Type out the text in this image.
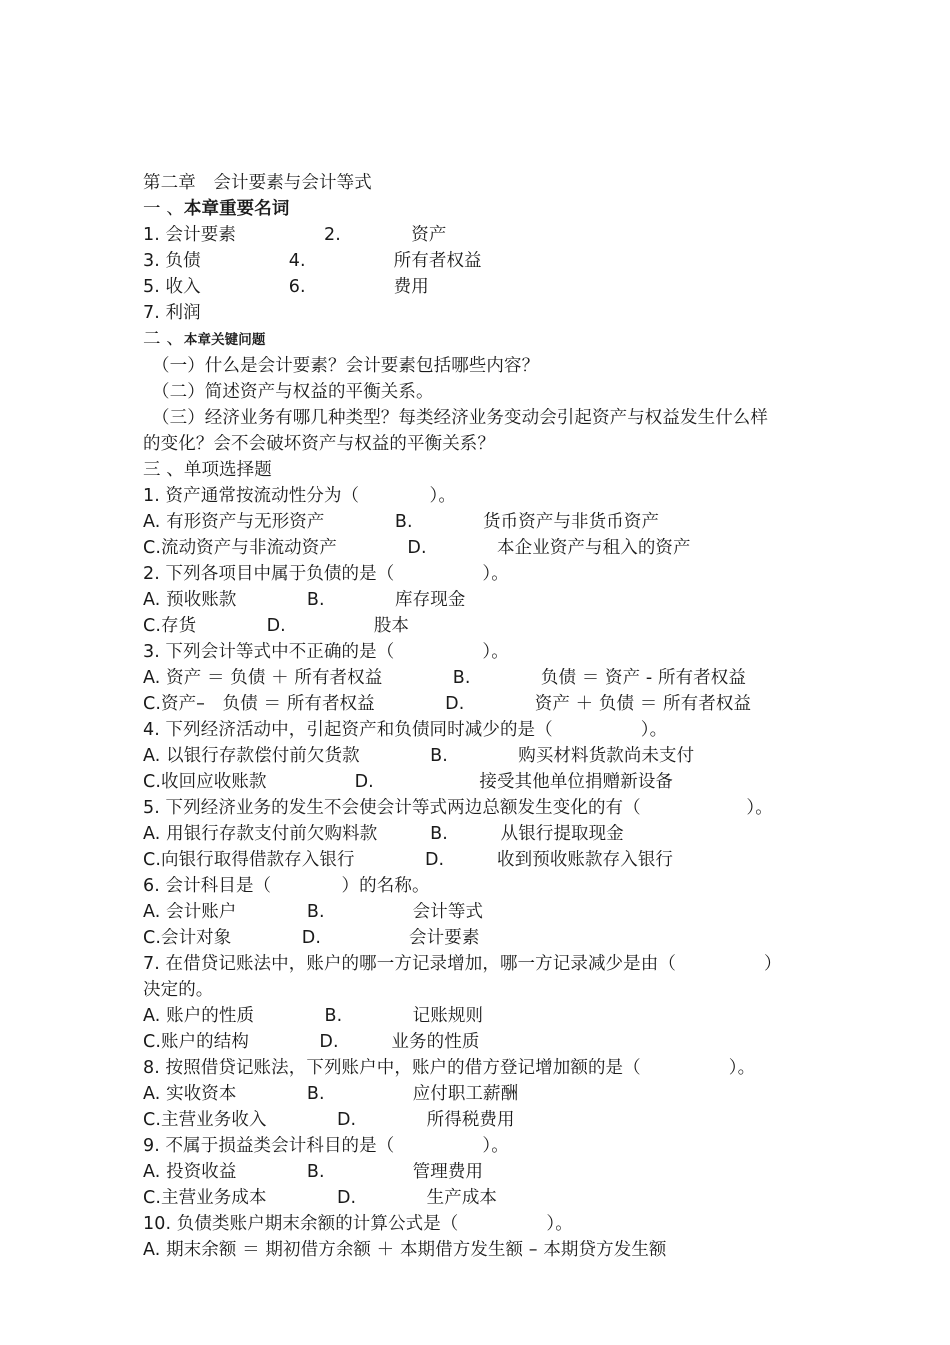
第二章　会计要素与会计等式
一 、本章重要名词
1. 会计要素　　　　　2.　　　　资产
3. 负债　　　　　4.　　　　　所有者权益
5. 收入　　　　　6.　　　　　费用
7. 利润
二 、本章关键问题
（一）什么是会计要素？会计要素包括哪些内容？
（二）简述资产与权益的平衡关系。
（三）经济业务有哪几种类型？每类经济业务变动会引起资产与权益发生什么样
的变化？会不会破坏资产与权益的平衡关系？
三 、单项选择题
1. 资产通常按流动性分为（　　　　）。
A. 有形资产与无形资产　　　　B.　　　　货币资产与非货币资产
C.流动资产与非流动资产　　　　D.　　　　本企业资产与租入的资产
2. 下列各项目中属于负债的是（　　　　　）。
A. 预收账款　　　　B.　　　　库存现金
C.存货　　　　D.　　　　　股本
3. 下列会计等式中不正确的是（　　　　　）。
A. 资产 ＝ 负债 ＋ 所有者权益　　　　B.　　　　负债 ＝ 资产 - 所有者权益
C.资产–　负债 ＝ 所有者权益　　　　D.　　　　资产 ＋ 负债 ＝ 所有者权益
4. 下列经济活动中，引起资产和负债同时减少的是（　　　　　）。
A. 以银行存款偿付前欠货款　　　　B.　　　　购买材料货款尚未支付
C.收回应收账款　　　　　D.　　　　　　接受其他单位捐赠新设备
5. 下列经济业务的发生不会使会计等式两边总额发生变化的有（　　　　　　）。
A. 用银行存款支付前欠购料款　　　B.　　　从银行提取现金
C.向银行取得借款存入银行　　　　D.　　　收到预收账款存入银行
6. 会计科目是（　　　　）的名称。
A. 会计账户　　　　B.　　　　　会计等式
C.会计对象　　　　D.　　　　　会计要素
7. 在借贷记账法中，账户的哪一方记录增加，哪一方记录减少是由（　　　　　）
决定的。
A. 账户的性质　　　　B.　　　　记账规则
C.账户的结构　　　　D.　　　业务的性质
8. 按照借贷记账法，下列账户中，账户的借方登记增加额的是（　　　　　）。
A. 实收资本　　　　B.　　　　　应付职工薪酬
C.主营业务收入　　　　D.　　　　所得税费用
9. 不属于损益类会计科目的是（　　　　　）。
A. 投资收益　　　　B.　　　　　管理费用
C.主营业务成本　　　　D.　　　　生产成本
10. 负债类账户期末余额的计算公式是（　　　　　）。
A. 期末余额 ＝ 期初借方余额 ＋ 本期借方发生额 – 本期贷方发生额
